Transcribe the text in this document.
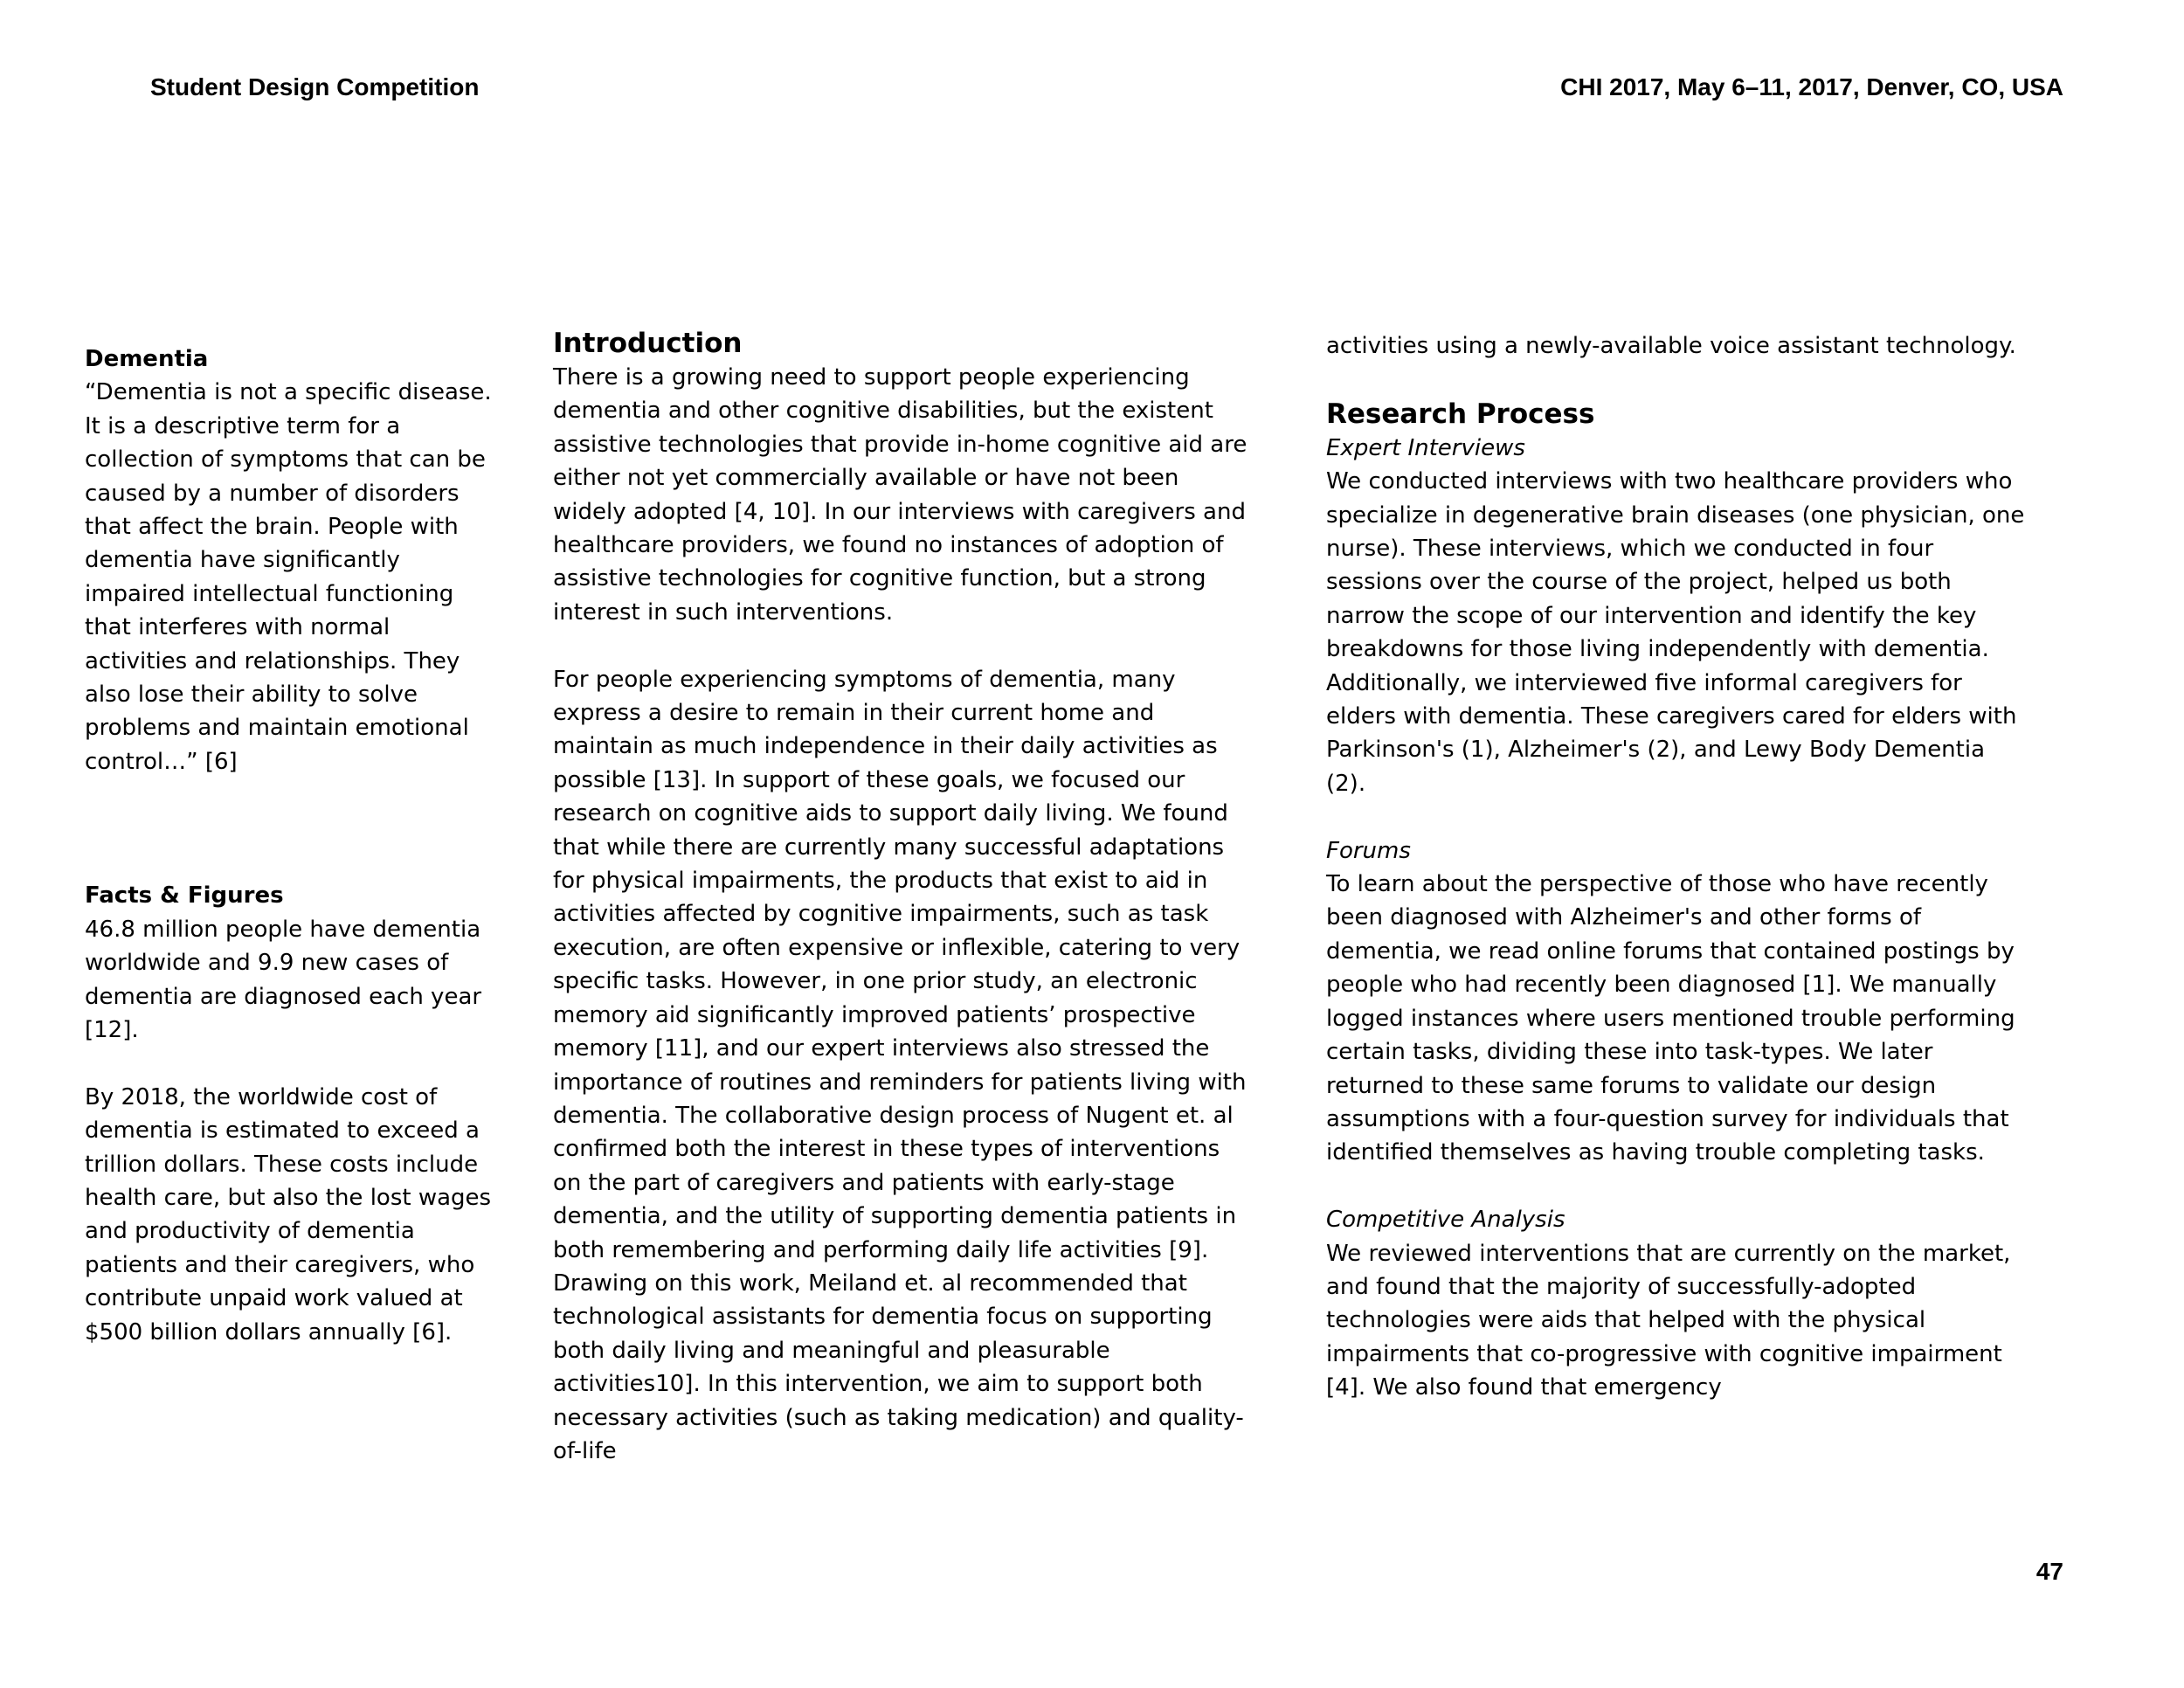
Student Design Competition	CHI 2017, May 6–11, 2017, Denver, CO, USA

Dementia

“Dementia is not a specific disease. It is a descriptive term for a collection of symptoms that can be caused by a number of disorders that affect the brain. People with dementia have significantly impaired intellectual functioning that interferes with normal activities and relationships. They also lose their ability to solve problems and maintain emotional control…” [6]

Facts & Figures

46.8 million people have dementia worldwide and 9.9 new cases of dementia are diagnosed each year [12].

By 2018, the worldwide cost of dementia is estimated to exceed a trillion dollars. These costs include health care, but also the lost wages and productivity of dementia patients and their caregivers, who contribute unpaid work valued at $500 billion dollars annually [6].

Introduction

There is a growing need to support people experiencing dementia and other cognitive disabilities, but the existent assistive technologies that provide in-home cognitive aid are either not yet commercially available or have not been widely adopted [4, 10]. In our interviews with caregivers and healthcare providers, we found no instances of adoption of assistive technologies for cognitive function, but a strong interest in such interventions.

For people experiencing symptoms of dementia, many express a desire to remain in their current home and maintain as much independence in their daily activities as possible [13]. In support of these goals, we focused our research on cognitive aids to support daily living. We found that while there are currently many successful adaptations for physical impairments, the products that exist to aid in activities affected by cognitive impairments, such as task execution, are often expensive or inflexible, catering to very specific tasks. However, in one prior study, an electronic memory aid significantly improved patients’ prospective memory [11], and our expert interviews also stressed the importance of routines and reminders for patients living with dementia. The collaborative design process of Nugent et. al confirmed both the interest in these types of interventions on the part of caregivers and patients with early-stage dementia, and the utility of supporting dementia patients in both remembering and performing daily life activities [9]. Drawing on this work, Meiland et. al recommended that technological assistants for dementia focus on supporting both daily living and meaningful and pleasurable activities10]. In this intervention, we aim to support both necessary activities (such as taking medication) and quality-of-life

activities using a newly-available voice assistant technology.

Research Process

Expert Interviews

We conducted interviews with two healthcare providers who specialize in degenerative brain diseases (one physician, one nurse). These interviews, which we conducted in four sessions over the course of the project, helped us both narrow the scope of our intervention and identify the key breakdowns for those living independently with dementia. Additionally, we interviewed five informal caregivers for elders with dementia. These caregivers cared for elders with Parkinson's (1), Alzheimer's (2), and Lewy Body Dementia (2).

Forums

To learn about the perspective of those who have recently been diagnosed with Alzheimer's and other forms of dementia, we read online forums that contained postings by people who had recently been diagnosed [1]. We manually logged instances where users mentioned trouble performing certain tasks, dividing these into task-types. We later returned to these same forums to validate our design assumptions with a four-question survey for individuals that identified themselves as having trouble completing tasks.

Competitive Analysis

We reviewed interventions that are currently on the market, and found that the majority of successfully-adopted technologies were aids that helped with the physical impairments that co-progressive with cognitive impairment [4]. We also found that emergency

47
